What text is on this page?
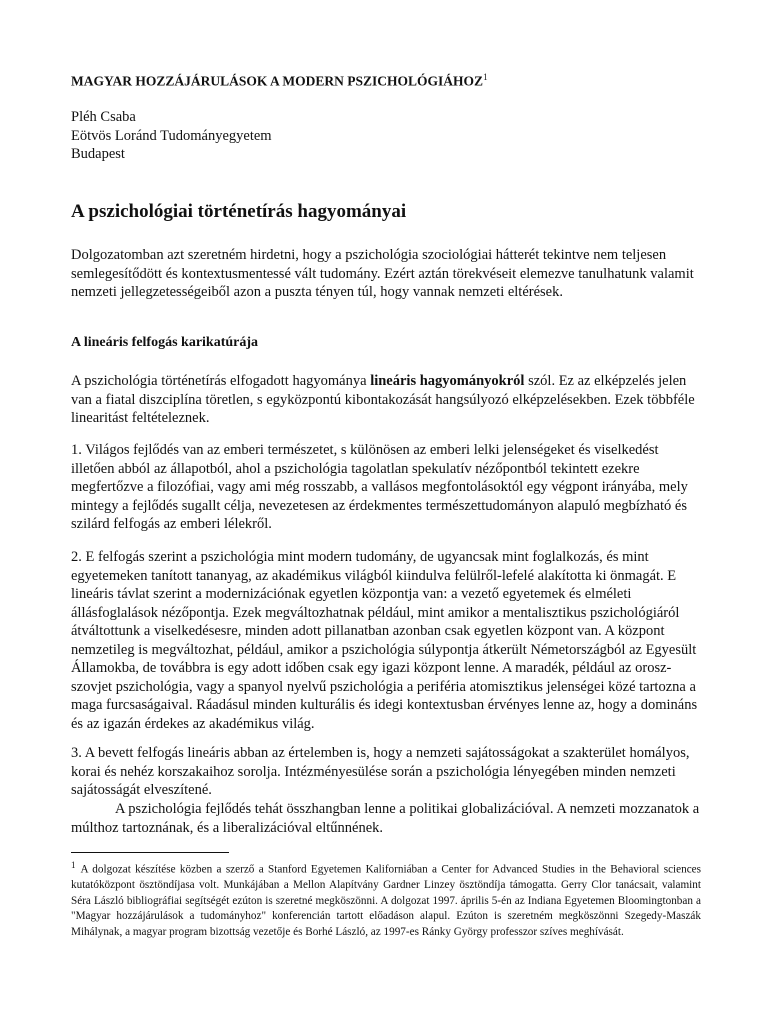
MAGYAR HOZZÁJÁRULÁSOK A MODERN PSZICHOLÓGIÁHOZ$^1$
Pléh Csaba
Eötvös Loránd Tudományegyetem
Budapest
A pszichológiai történetírás hagyományai
Dolgozatomban azt szeretném hirdetni, hogy a pszichológia szociológiai hátterét tekintve nem teljesen semlegesítődött és kontextusmentessé vált tudomány. Ezért aztán törekvéseit elemezve tanulhatunk valamit nemzeti jellegzetességeiből azon a puszta tényen túl, hogy vannak nemzeti eltérések.
A lineáris felfogás karikatúrája
A pszichológia történetírás elfogadott hagyománya lineáris hagyományokról szól. Ez az elképzelés jelen van a fiatal diszciplína töretlen, s egyközpontú kibontakozását hangsúlyozó elképzelésekben. Ezek többféle linearitást feltételeznek.
1. Világos fejlődés van az emberi természetet, s különösen az emberi lelki jelenségeket és viselkedést illetően abból az állapotból, ahol a pszichológia tagolatlan spekulatív nézőpontból tekintett ezekre megfertőzve a filozófiai, vagy ami még rosszabb, a vallásos megfontolásoktól egy végpont irányába, mely mintegy a fejlődés sugallt célja, nevezetesen az érdekmentes természettudományon alapuló megbízható és szilárd felfogás az emberi lélekről.
2. E felfogás szerint a pszichológia mint modern tudomány, de ugyancsak mint foglalkozás, és mint egyetemeken tanított tananyag, az akadémikus világból kiindulva felülről-lefelé alakította ki önmagát. E lineáris távlat szerint a modernizációnak egyetlen központja van: a vezető egyetemek és elméleti állásfoglalások nézőpontja. Ezek megváltozhatnak például, mint amikor a mentalisztikus pszichológiáról átváltottunk a viselkedésesre, minden adott pillanatban azonban csak egyetlen központ van. A központ nemzetileg is megváltozhat, például, amikor a pszichológia súlypontja átkerült Németországból az Egyesült Államokba, de továbbra is egy adott időben csak egy igazi központ lenne. A maradék, például az orosz-szovjet pszichológia, vagy a spanyol nyelvű pszichológia a periféria atomisztikus jelenségei közé tartozna a maga furcsaságaival. Ráadásul minden kulturális és idegi kontextusban érvényes lenne az, hogy a domináns és az igazán érdekes az akadémikus világ.
3. A bevett felfogás lineáris abban az értelemben is, hogy a nemzeti sajátosságokat a szakterület homályos, korai és nehéz korszakaihoz sorolja. Intézményesülése során a pszichológia lényegében minden nemzeti sajátosságát elveszítené.
A pszichológia fejlődés tehát összhangban lenne a politikai globalizációval. A nemzeti mozzanatok a múlthoz tartoznának, és a liberalizációval eltűnnének.
$^1$ A dolgozat készítése közben a szerző a Stanford Egyetemen Kaliforniában a Center for Advanced Studies in the Behavioral sciences kutatóközpont ösztöndíjasa volt. Munkájában a Mellon Alapítvány Gardner Linzey ösztöndíja támogatta. Gerry Clor tanácsait, valamint Séra László bibliográfiai segítségét ezúton is szeretné megköszönni. A dolgozat 1997. április 5-én az Indiana Egyetemen Bloomingtonban a "Magyar hozzájárulások a tudományhoz" konferencián tartott előadáson alapul. Ezúton is szeretném megköszönni Szegedy-Maszák Mihálynak, a magyar program bizottság vezetője és Borhé László, az 1997-es Ránky György professzor szíves meghívását.
